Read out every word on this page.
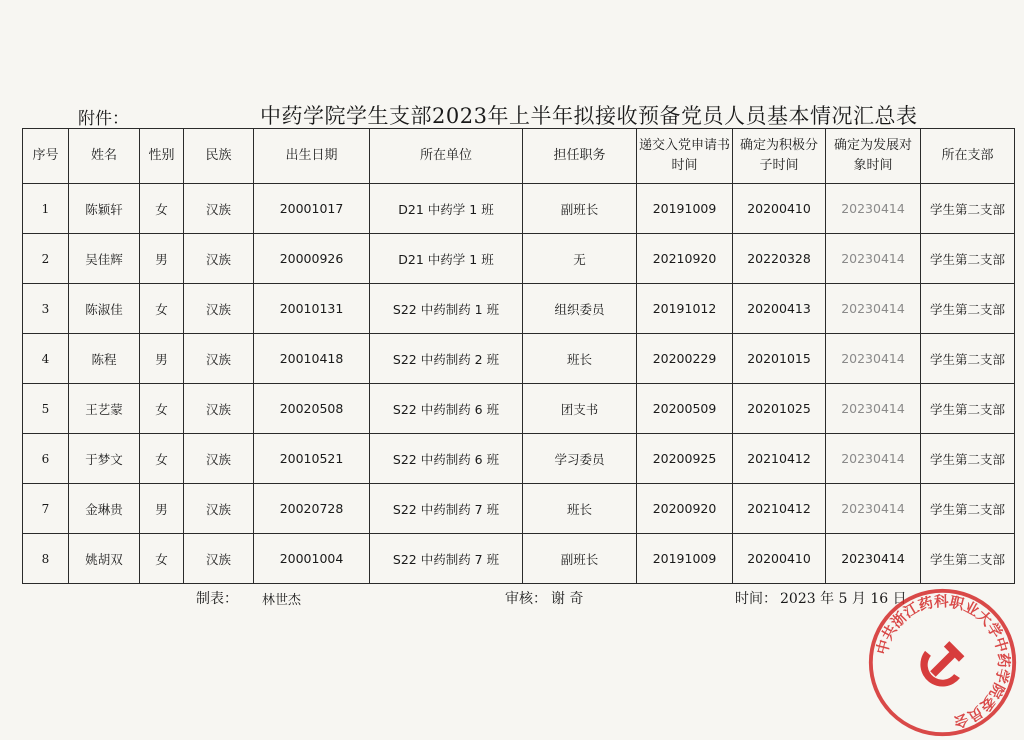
附件：	中药学院学生支部2023年上半年拟接收预备党员人员基本情况汇总表
序号	姓名	性别	民族	出生日期	所在单位	担任职务	递交入党申请书时间	确定为积极分子时间	确定为发展对象时间	所在支部
1	陈颖轩	女	汉族	20001017	D21 中药学 1 班	副班长	20191009	20200410	20230414	学生第二支部
2	吴佳辉	男	汉族	20000926	D21 中药学 1 班	无	20210920	20220328	20230414	学生第二支部
3	陈淑佳	女	汉族	20010131	S22 中药制药 1 班	组织委员	20191012	20200413	20230414	学生第二支部
4	陈程	男	汉族	20010418	S22 中药制药 2 班	班长	20200229	20201015	20230414	学生第二支部
5	王艺蒙	女	汉族	20020508	S22 中药制药 6 班	团支书	20200509	20201025	20230414	学生第二支部
6	于梦文	女	汉族	20010521	S22 中药制药 6 班	学习委员	20200925	20210412	20230414	学生第二支部
7	金琳贵	男	汉族	20020728	S22 中药制药 7 班	班长	20200920	20210412	20230414	学生第二支部
8	姚胡双	女	汉族	20001004	S22 中药制药 7 班	副班长	20191009	20200410	20230414	学生第二支部
制表： 林世杰	审核： 谢 奇	时间： 2023 年 5 月 16 日
中共浙江药科职业大学中药学院委员会
